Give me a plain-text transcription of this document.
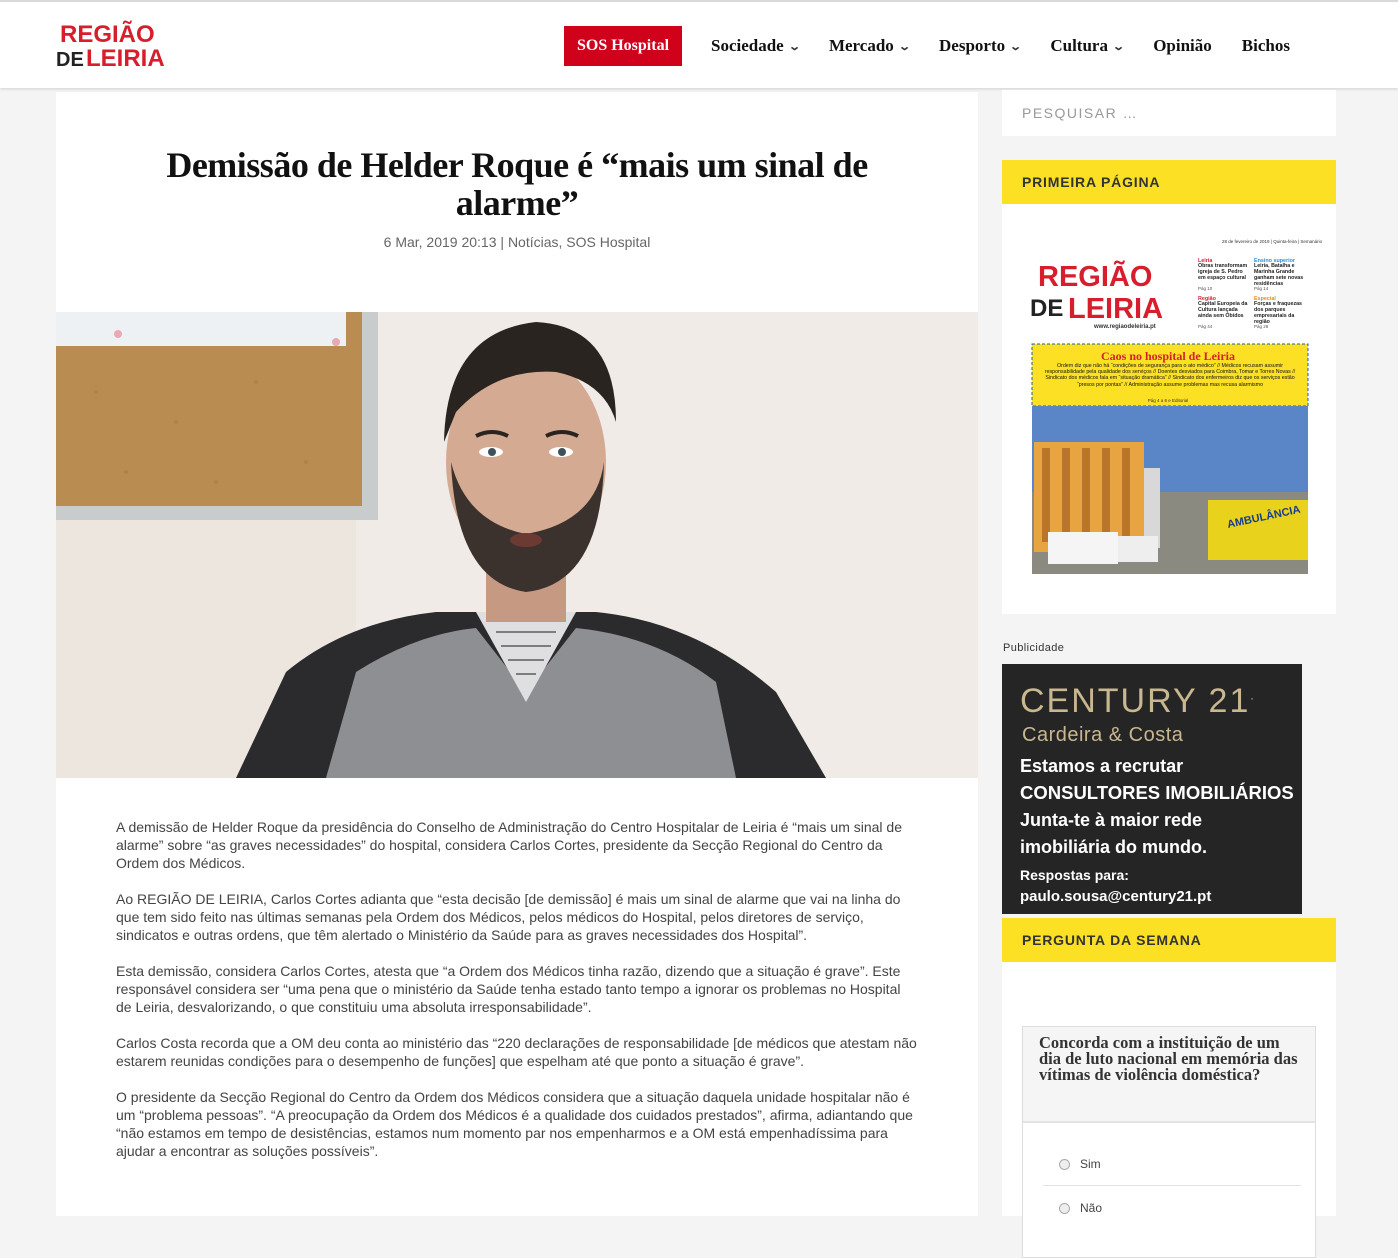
REGIÃO
DE LEIRIA	SOS Hospital	Sociedade ⌄ Mercado ⌄ Desporto ⌄ Cultura ⌄ Opinião Bichos
Demissão de Helder Roque é “mais um sinal de alarme”
6 Mar, 2019 20:13 | Notícias, SOS Hospital

A demissão de Helder Roque da presidência do Conselho de Administração do Centro Hospitalar de Leiria é “mais um sinal de alarme” sobre “as graves necessidades” do hospital, considera Carlos Cortes, presidente da Secção Regional do Centro da Ordem dos Médicos.

Ao REGIÃO DE LEIRIA, Carlos Cortes adianta que “esta decisão [de demissão] é mais um sinal de alarme que vai na linha do que tem sido feito nas últimas semanas pela Ordem dos Médicos, pelos médicos do Hospital, pelos diretores de serviço, sindicatos e outras ordens, que têm alertado o Ministério da Saúde para as graves necessidades dos Hospital”.

Esta demissão, considera Carlos Cortes, atesta que “a Ordem dos Médicos tinha razão, dizendo que a situação é grave”. Este responsável considera ser “uma pena que o ministério da Saúde tenha estado tanto tempo a ignorar os problemas no Hospital de Leiria, desvalorizando, o que constituiu uma absoluta irresponsabilidade”.

Carlos Costa recorda que a OM deu conta ao ministério das “220 declarações de responsabilidade [de médicos que atestam não estarem reunidas condições para o desempenho de funções] que espelham até que ponto a situação é grave”.

O presidente da Secção Regional do Centro da Ordem dos Médicos considera que a situação daquela unidade hospitalar não é um “problema pessoas”. “A preocupação da Ordem dos Médicos é a qualidade dos cuidados prestados”, afirma, adiantando que “não estamos em tempo de desistências, estamos num momento par nos empenharmos e a OM está empenhadíssima para ajudar a encontrar as soluções possíveis”.

PESQUISAR …
PRIMEIRA PÁGINA
28 de fevereiro de 2019 | Quinta-feira | Semanário
REGIÃO
DE LEIRIA
www.regiaodeleiria.pt
Leiria
Obras transformam igreja de S. Pedro em espaço cultural
Pág 10
Ensino superior
Leiria, Batalha e Marinha Grande ganham sete novas residências
Pág 14
Região
Capital Europeia da Cultura lançada ainda sem Óbidos
Pág 44
Especial
Forças e fraquezas dos parques empresariais da região
Pág 28
Caos no hospital de Leiria
Ordem diz que não há “condições de segurança para o ato médico” // Médicos recusam assumir responsabilidade pela qualidade dos serviços // Doentes desviados para Coimbra, Tomar e Torres Novas // Sindicato dos médicos fala em “situação dramática” // Sindicato dos enfermeiros diz que os serviços estão “presos por pontas” // Administração assume problemas mas recusa alarmismo
Pág 4 a 6 e Editorial
AMBULÂNCIA
Publicidade
CENTURY 21.
Cardeira & Costa
Estamos a recrutar
CONSULTORES IMOBILIÁRIOS
Junta-te à maior rede
imobiliária do mundo.
Respostas para:
paulo.sousa@century21.pt
PERGUNTA DA SEMANA
Concorda com a instituição de um dia de luto nacional em memória das vítimas de violência doméstica?
Sim
Não
